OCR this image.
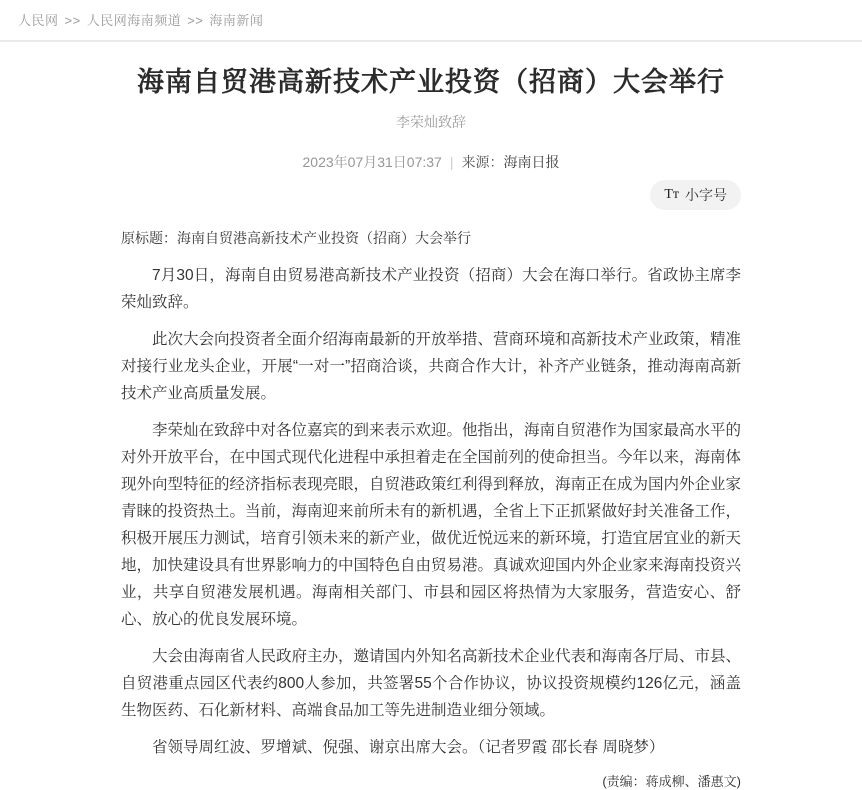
人民网 >> 人民网海南频道 >> 海南新闻
海南自贸港高新技术产业投资（招商）大会举行
李荣灿致辞
2023年07月31日07:37 | 来源：海南日报
Tᴛ 小字号
原标题：海南自贸港高新技术产业投资（招商）大会举行

7月30日，海南自由贸易港高新技术产业投资（招商）大会在海口举行。省政协主席李荣灿致辞。

此次大会向投资者全面介绍海南最新的开放举措、营商环境和高新技术产业政策，精准对接行业龙头企业，开展“一对一”招商洽谈，共商合作大计，补齐产业链条，推动海南高新技术产业高质量发展。

李荣灿在致辞中对各位嘉宾的到来表示欢迎。他指出，海南自贸港作为国家最高水平的对外开放平台，在中国式现代化进程中承担着走在全国前列的使命担当。今年以来，海南体现外向型特征的经济指标表现亮眼，自贸港政策红利得到释放，海南正在成为国内外企业家青睐的投资热土。当前，海南迎来前所未有的新机遇，全省上下正抓紧做好封关准备工作，积极开展压力测试，培育引领未来的新产业，做优近悦远来的新环境，打造宜居宜业的新天地，加快建设具有世界影响力的中国特色自由贸易港。真诚欢迎国内外企业家来海南投资兴业，共享自贸港发展机遇。海南相关部门、市县和园区将热情为大家服务，营造安心、舒心、放心的优良发展环境。

大会由海南省人民政府主办，邀请国内外知名高新技术企业代表和海南各厅局、市县、自贸港重点园区代表约800人参加，共签署55个合作协议，协议投资规模约126亿元，涵盖生物医药、石化新材料、高端食品加工等先进制造业细分领域。

省领导周红波、罗增斌、倪强、谢京出席大会。（记者罗霞 邵长春 周晓梦）

(责编：蒋成柳、潘惠文)
